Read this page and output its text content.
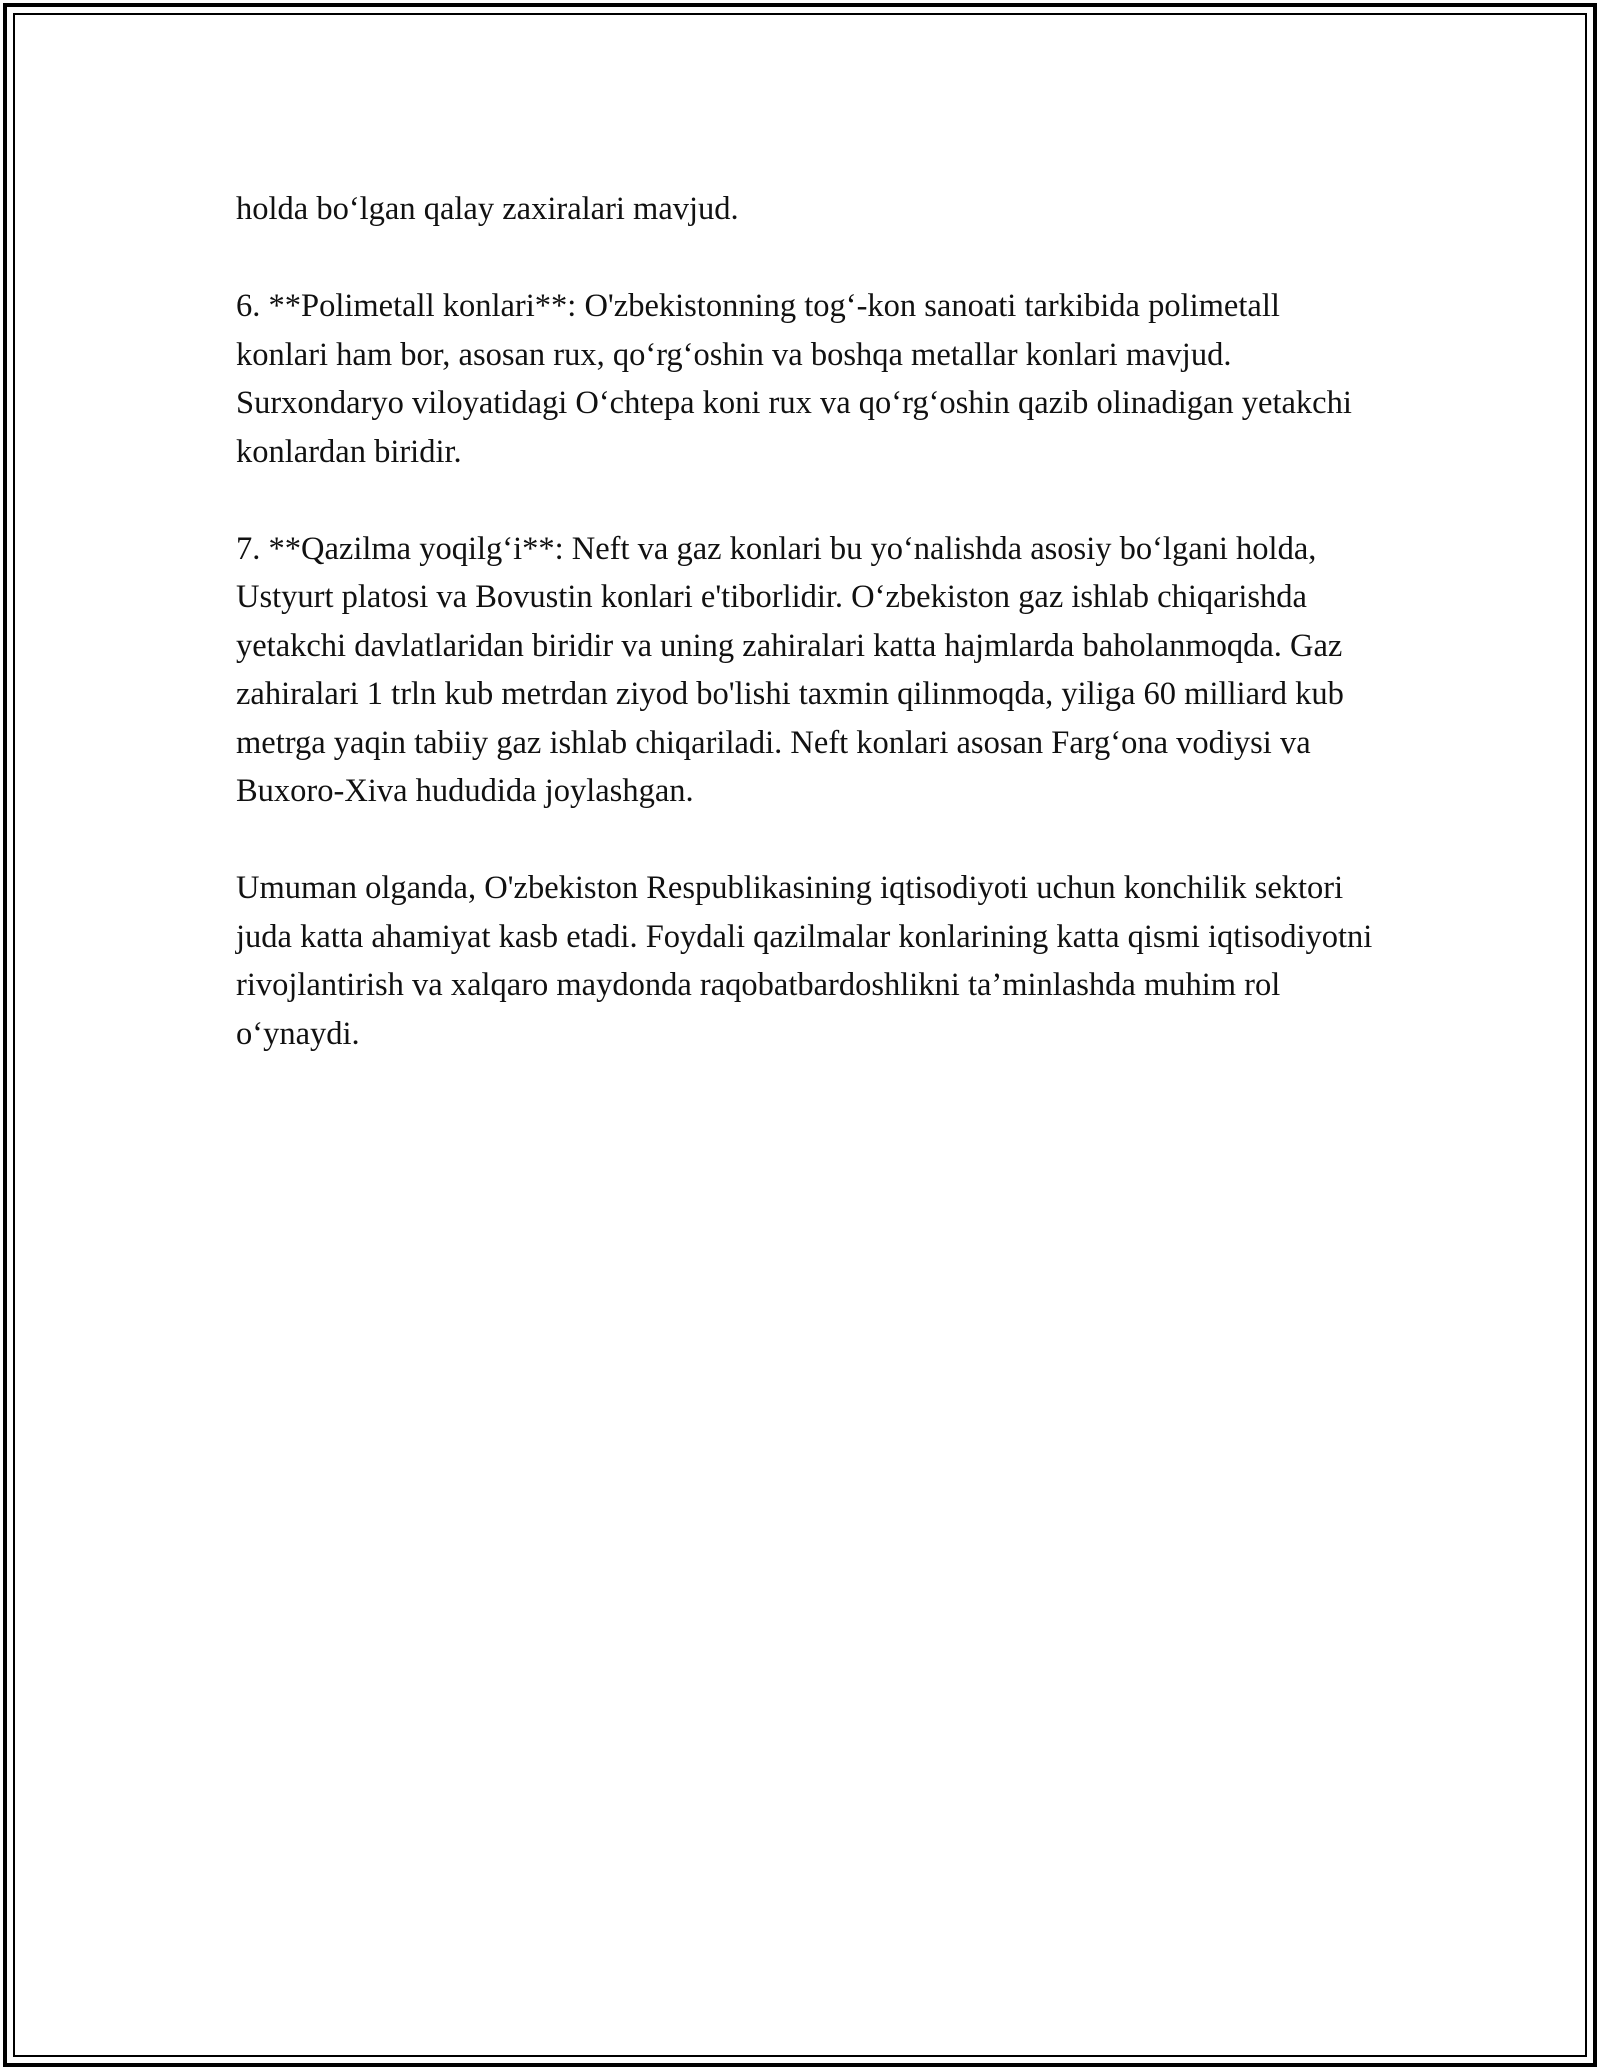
holda bo‘lgan qalay zaxiralari mavjud.

6. **Polimetall konlari**: O'zbekistonning tog‘-kon sanoati tarkibida polimetall konlari ham bor, asosan rux, qo‘rg‘oshin va boshqa metallar konlari mavjud. Surxondaryo viloyatidagi O‘chtepa koni rux va qo‘rg‘oshin qazib olinadigan yetakchi konlardan biridir.

7. **Qazilma yoqilg‘i**: Neft va gaz konlari bu yo‘nalishda asosiy bo‘lgani holda, Ustyurt platosi va Bovustin konlari e'tiborlidir. O‘zbekiston gaz ishlab chiqarishda yetakchi davlatlaridan biridir va uning zahiralari katta hajmlarda baholanmoqda. Gaz zahiralari 1 trln kub metrdan ziyod bo'lishi taxmin qilinmoqda, yiliga 60 milliard kub metrga yaqin tabiiy gaz ishlab chiqariladi. Neft konlari asosan Farg‘ona vodiysi va Buxoro-Xiva hududida joylashgan.

Umuman olganda, O'zbekiston Respublikasining iqtisodiyoti uchun konchilik sektori juda katta ahamiyat kasb etadi. Foydali qazilmalar konlarining katta qismi iqtisodiyotni rivojlantirish va xalqaro maydonda raqobatbardoshlikni ta’minlashda muhim rol o‘ynaydi.
